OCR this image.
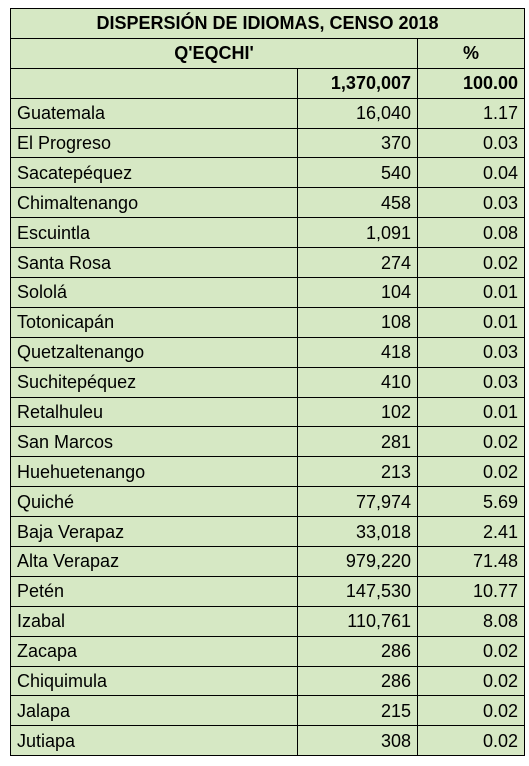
DISPERSIÓN DE IDIOMAS, CENSO 2018		
Q'EQCHI'		%
	1,370,007	100.00
Guatemala	16,040	1.17
El Progreso	370	0.03
Sacatepéquez	540	0.04
Chimaltenango	458	0.03
Escuintla	1,091	0.08
Santa Rosa	274	0.02
Sololá	104	0.01
Totonicapán	108	0.01
Quetzaltenango	418	0.03
Suchitepéquez	410	0.03
Retalhuleu	102	0.01
San Marcos	281	0.02
Huehuetenango	213	0.02
Quiché	77,974	5.69
Baja Verapaz	33,018	2.41
Alta Verapaz	979,220	71.48
Petén	147,530	10.77
Izabal	110,761	8.08
Zacapa	286	0.02
Chiquimula	286	0.02
Jalapa	215	0.02
Jutiapa	308	0.02
